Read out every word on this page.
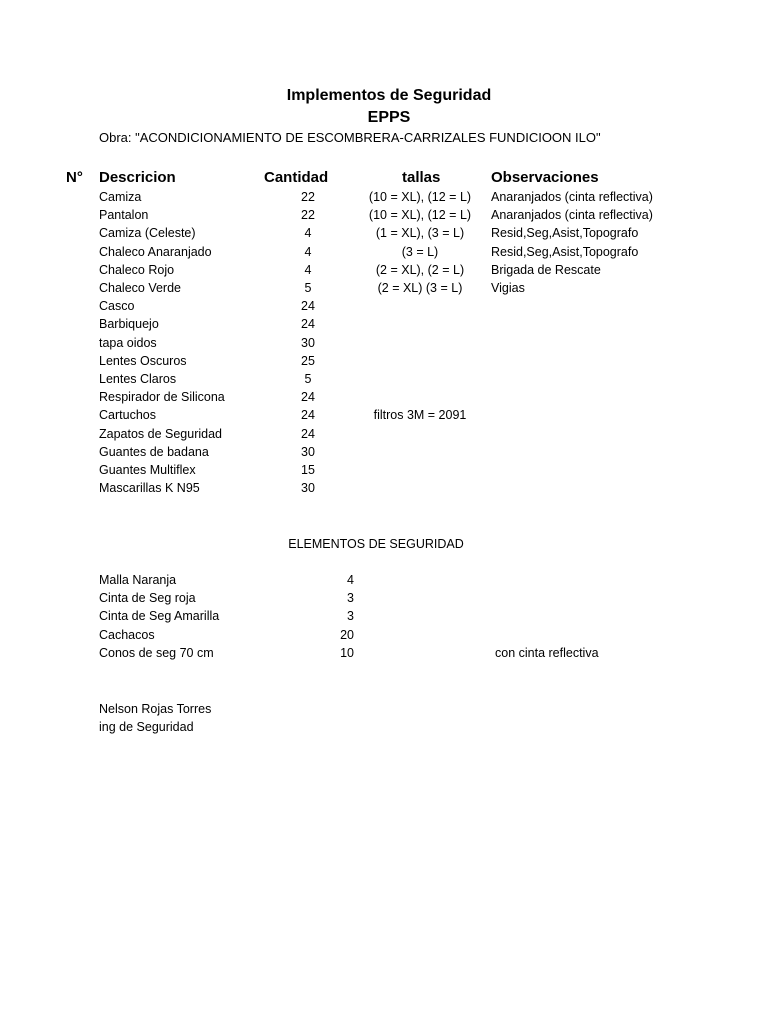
Implementos de Seguridad
EPPS
Obra: "ACONDICIONAMIENTO DE ESCOMBRERA-CARRIZALES FUNDICIOON ILO"
N° Descricion	Cantidad	tallas	Observaciones
Camiza	22	(10 = XL), (12 = L)	Anaranjados (cinta reflectiva)
Pantalon	22	(10 = XL), (12 = L)	Anaranjados (cinta reflectiva)
Camiza (Celeste)	4	(1 = XL), (3 = L)	Resid,Seg,Asist,Topografo
Chaleco Anaranjado	4	(3 = L)	Resid,Seg,Asist,Topografo
Chaleco Rojo	4	(2 = XL), (2 = L)	Brigada de Rescate
Chaleco Verde	5	(2 = XL) (3 = L)	Vigias
Casco	24
Barbiquejo	24
tapa oidos	30
Lentes Oscuros	25
Lentes Claros	5
Respirador de Silicona	24
Cartuchos	24	filtros 3M = 2091
Zapatos de Seguridad	24
Guantes de badana	30
Guantes Multiflex	15
Mascarillas K N95	30
ELEMENTOS DE SEGURIDAD
Malla Naranja	4
Cinta de Seg roja	3
Cinta de Seg Amarilla	3
Cachacos	20
Conos de seg 70 cm	10	con cinta reflectiva
Nelson Rojas Torres
ing de Seguridad
